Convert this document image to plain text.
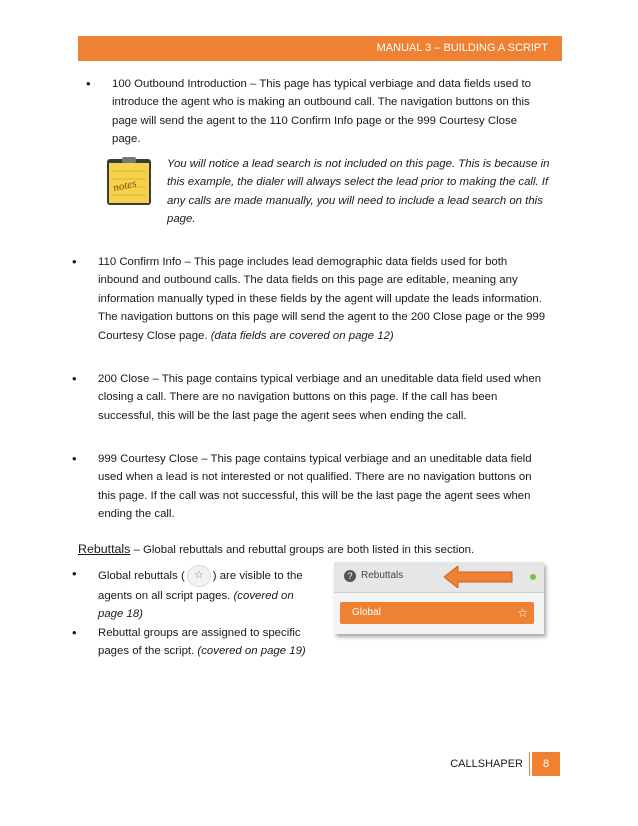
MANUAL 3 – BUILDING A SCRIPT
•
100 Outbound Introduction – This page has typical verbiage and data fields used to introduce the agent who is making an outbound call. The navigation buttons on this page will send the agent to the 110 Confirm Info page or the 999 Courtesy Close page.
notes
You will notice a lead search is not included on this page. This is because in this example, the dialer will always select the lead prior to making the call. If any calls are made manually, you will need to include a lead search on this page.
•
110 Confirm Info – This page includes lead demographic data fields used for both inbound and outbound calls. The data fields on this page are editable, meaning any information manually typed in these fields by the agent will update the leads information. The navigation buttons on this page will send the agent to the 200 Close page or the 999 Courtesy Close page. (data fields are covered on page 12)
•
200 Close – This page contains typical verbiage and an uneditable data field used when closing a call. There are no navigation buttons on this page. If the call has been successful, this will be the last page the agent sees when ending the call.
•
999 Courtesy Close – This page contains typical verbiage and an uneditable data field used when a lead is not interested or not qualified. There are no navigation buttons on this page. If the call was not successful, this will be the last page the agent sees when ending the call.
Rebuttals – Global rebuttals and rebuttal groups are both listed in this section.
• Global rebuttals ( ☆ ) are visible to the agents on all script pages. (covered on page 18)
• Rebuttal groups are assigned to specific pages of the script. (covered on page 19)
? Rebuttals
Global	☆
CALLSHAPER	8
